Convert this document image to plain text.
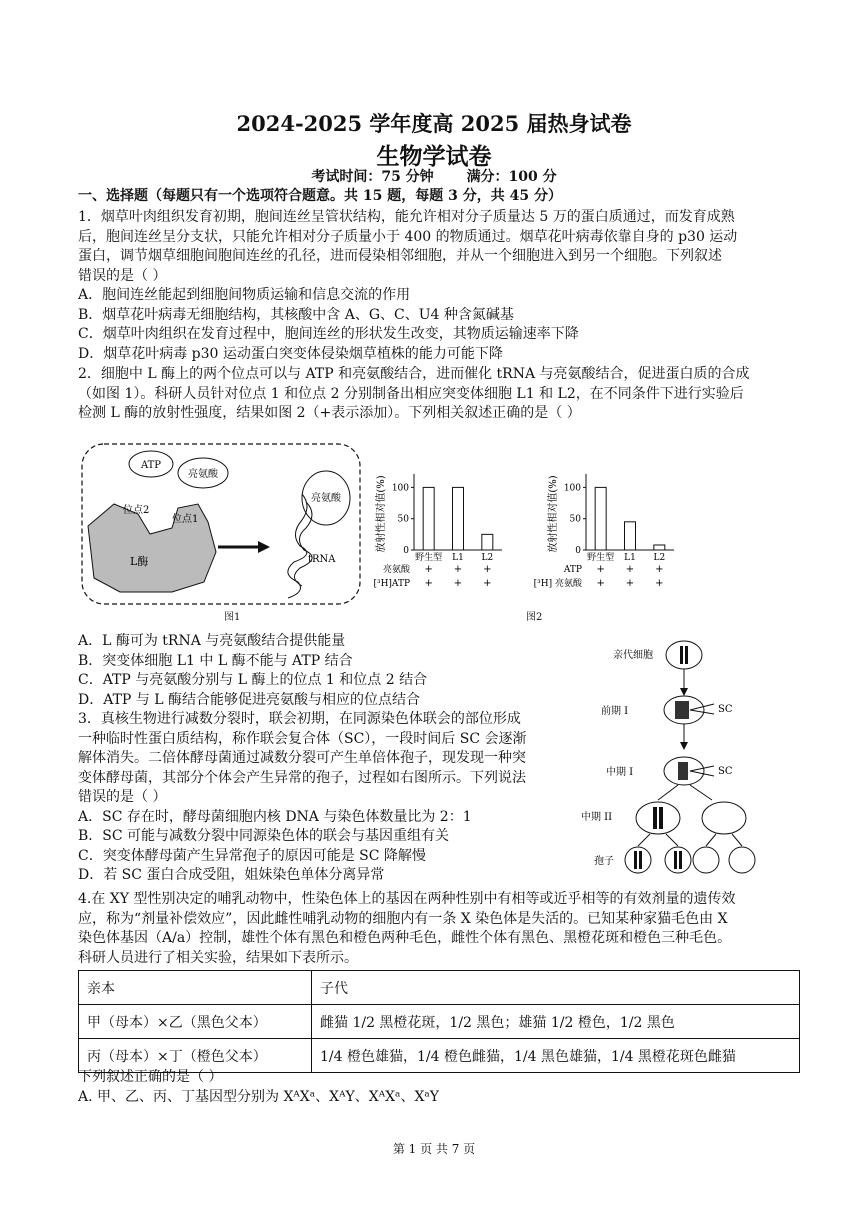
2024-2025 学年度高 2025 届热身试卷
生物学试卷
考试时间：75 分钟 满分：100 分
一、选择题（每题只有一个选项符合题意。共 15 题，每题 3 分，共 45 分）
1．烟草叶肉组织发育初期，胞间连丝呈管状结构，能允许相对分子质量达 5 万的蛋白质通过，而发育成熟
后，胞间连丝呈分支状，只能允许相对分子质量小于 400 的物质通过。烟草花叶病毒依靠自身的 p30 运动
蛋白，调节烟草细胞间胞间连丝的孔径，进而侵染相邻细胞，并从一个细胞进入到另一个细胞。下列叙述
错误的是（ ）
A．胞间连丝能起到细胞间物质运输和信息交流的作用
B．烟草花叶病毒无细胞结构，其核酸中含 A、G、C、U4 种含氮碱基
C．烟草叶肉组织在发育过程中，胞间连丝的形状发生改变，其物质运输速率下降
D．烟草花叶病毒 p30 运动蛋白突变体侵染烟草植株的能力可能下降
2．细胞中 L 酶上的两个位点可以与 ATP 和亮氨酸结合，进而催化 tRNA 与亮氨酸结合，促进蛋白质的合成
（如图 1）。科研人员针对位点 1 和位点 2 分别制备出相应突变体细胞 L1 和 L2，在不同条件下进行实验后
检测 L 酶的放射性强度，结果如图 2（+表示添加）。下列相关叙述正确的是（ ）
ATP
亮氨酸
位点2
位点1
L酶
亮氨酸
tRNA
图1
放射性相对值(%) 0
50
100
野生型 L1 L2
亮氨酸 + + +
[³H]ATP + + +
放射性相对值(%) 0
50
100
野生型 L1 L2
ATP + + +
[³H] 亮氨酸 + + +
图2
A．L 酶可为 tRNA 与亮氨酸结合提供能量
B．突变体细胞 L1 中 L 酶不能与 ATP 结合
C．ATP 与亮氨酸分别与 L 酶上的位点 1 和位点 2 结合
D．ATP 与 L 酶结合能够促进亮氨酸与相应的位点结合
3．真核生物进行减数分裂时，联会初期，在同源染色体联会的部位形成
一种临时性蛋白质结构，称作联会复合体（SC），一段时间后 SC 会逐渐
解体消失。二倍体酵母菌通过减数分裂可产生单倍体孢子，现发现一种突
变体酵母菌，其部分个体会产生异常的孢子，过程如右图所示。下列说法
错误的是（ ）
A．SC 存在时，酵母菌细胞内核 DNA 与染色体数量比为 2：1
B．SC 可能与减数分裂中同源染色体的联会与基因重组有关
C．突变体酵母菌产生异常孢子的原因可能是 SC 降解慢
D．若 SC 蛋白合成受阻，姐妹染色单体分离异常
亲代细胞
前期 I	SC
中期 I	SC
中期 II
孢子
4.在 XY 型性别决定的哺乳动物中，性染色体上的基因在两种性别中有相等或近乎相等的有效剂量的遗传效
应，称为“剂量补偿效应”，因此雌性哺乳动物的细胞内有一条 X 染色体是失活的。已知某种家猫毛色由 X
染色体基因（A/a）控制，雄性个体有黑色和橙色两种毛色，雌性个体有黑色、黑橙花斑和橙色三种毛色。
科研人员进行了相关实验，结果如下表所示。
亲本	子代
甲（母本）×乙（黑色父本）	雌猫 1/2 黑橙花斑，1/2 黑色；雄猫 1/2 橙色，1/2 黑色
丙（母本）×丁（橙色父本）	1/4 橙色雄猫，1/4 橙色雌猫，1/4 黑色雄猫，1/4 黑橙花斑色雌猫
下列叙述正确的是（ ）
A. 甲、乙、丙、丁基因型分别为 XᴬXᵃ、XᴬY、XᴬXᵃ、XᵃY
第 1 页 共 7 页
